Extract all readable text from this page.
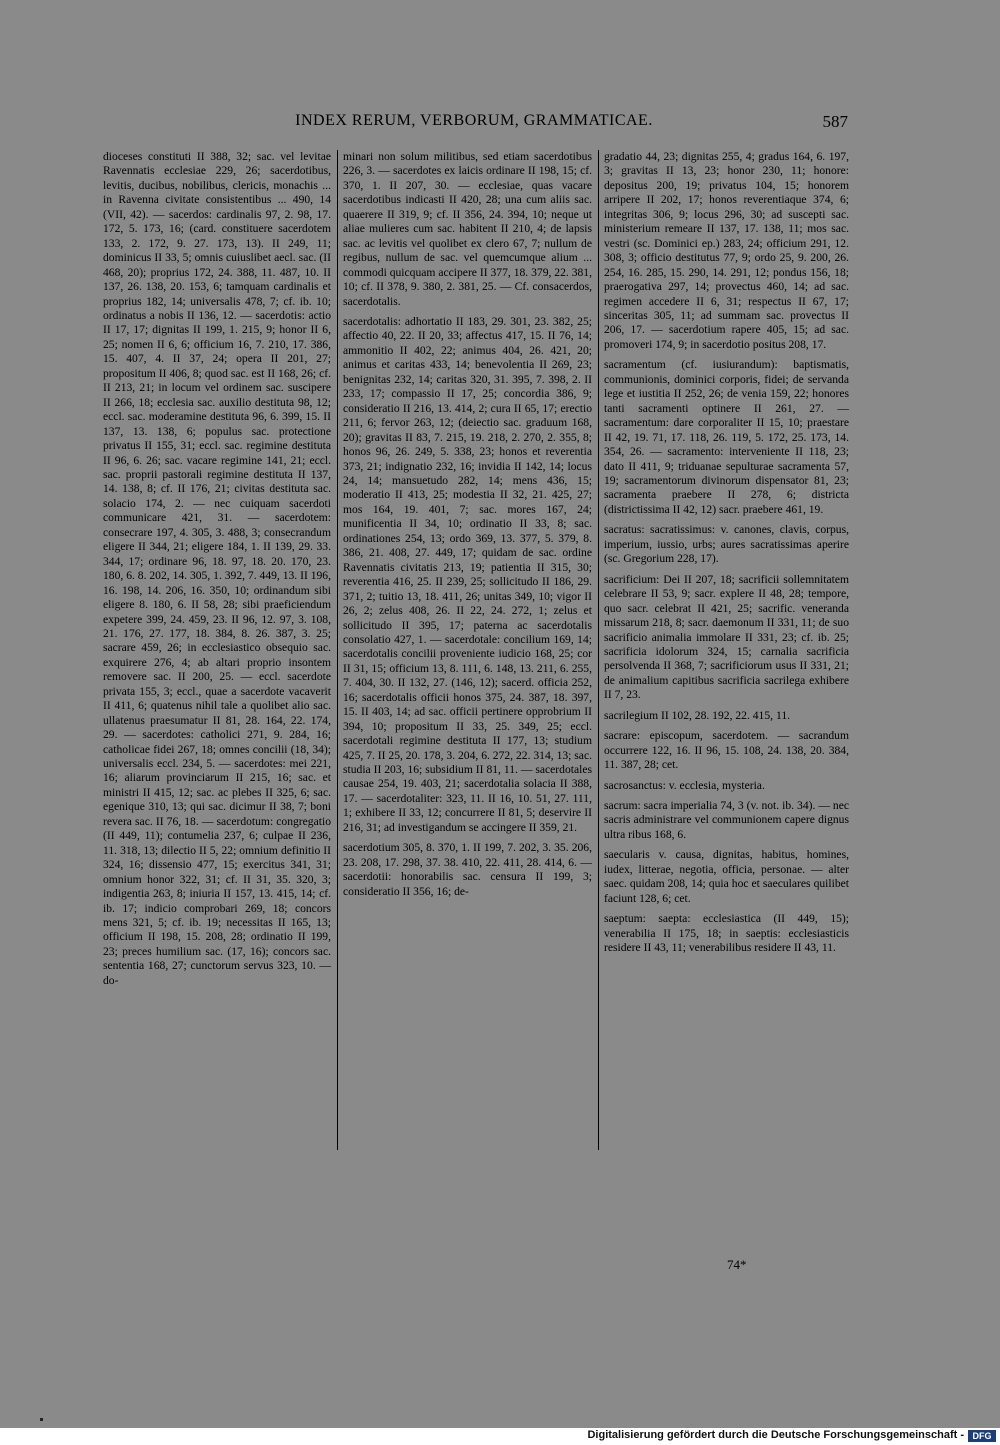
INDEX RERUM, VERBORUM, GRAMMATICAE.	587

dioceses constituti II 388, 32; sac. vel levitae Ravennatis ecclesiae 229, 26; sacerdotibus, levitis, ducibus, nobilibus, clericis, monachis ... in Ravenna civitate consistentibus ... 490, 14 (VII, 42). — sacerdos: cardinalis 97, 2. 98, 17. 172, 5. 173, 16; (card. constituere sacerdotem 133, 2. 172, 9. 27. 173, 13). II 249, 11; dominicus II 33, 5; omnis cuiuslibet aecl. sac. (II 468, 20); proprius 172, 24. 388, 11. 487, 10. II 137, 26. 138, 20. 153, 6; tamquam cardinalis et proprius 182, 14; universalis 478, 7; cf. ib. 10; ordinatus a nobis II 136, 12. — sacerdotis: actio II 17, 17; dignitas II 199, 1. 215, 9; honor II 6, 25; nomen II 6, 6; officium 16, 7. 210, 17. 386, 15. 407, 4. II 37, 24; opera II 201, 27; propositum II 406, 8; quod sac. est II 168, 26; cf. II 213, 21; in locum vel ordinem sac. suscipere II 266, 18; ecclesia sac. auxilio destituta 98, 12; eccl. sac. moderamine destituta 96, 6. 399, 15. II 137, 13. 138, 6; populus sac. protectione privatus II 155, 31; eccl. sac. regimine destituta II 96, 6. 26; sac. vacare regimine 141, 21; eccl. sac. proprii pastorali regimine destituta II 137, 14. 138, 8; cf. II 176, 21; civitas destituta sac. solacio 174, 2. — nec cuiquam sacerdoti communicare 421, 31. — sacerdotem: consecrare 197, 4. 305, 3. 488, 3; consecrandum eligere II 344, 21; eligere 184, 1. II 139, 29. 33. 344, 17; ordinare 96, 18. 97, 18. 20. 170, 23. 180, 6. 8. 202, 14. 305, 1. 392, 7. 449, 13. II 196, 16. 198, 14. 206, 16. 350, 10; ordinandum sibi eligere 8. 180, 6. II 58, 28; sibi praeficiendum expetere 399, 24. 459, 23. II 96, 12. 97, 3. 108, 21. 176, 27. 177, 18. 384, 8. 26. 387, 3. 25; sacrare 459, 26; in ecclesiastico obsequio sac. exquirere 276, 4; ab altari proprio insontem removere sac. II 200, 25. — eccl. sacerdote privata 155, 3; eccl., quae a sacerdote vacaverit II 411, 6; quatenus nihil tale a quolibet alio sac. ullatenus praesumatur II 81, 28. 164, 22. 174, 29. — sacerdotes: catholici 271, 9. 284, 16; catholicae fidei 267, 18; omnes concilii (18, 34); universalis eccl. 234, 5. — sacerdotes: mei 221, 16; aliarum provinciarum II 215, 16; sac. et ministri II 415, 12; sac. ac plebes II 325, 6; sac. egenique 310, 13; qui sac. dicimur II 38, 7; boni revera sac. II 76, 18. — sacerdotum: congregatio (II 449, 11); contumelia 237, 6; culpae II 236, 11. 318, 13; dilectio II 5, 22; omnium definitio II 324, 16; dissensio 477, 15; exercitus 341, 31; omnium honor 322, 31; cf. II 31, 35. 320, 3; indigentia 263, 8; iniuria II 157, 13. 415, 14; cf. ib. 17; indicio comprobari 269, 18; concors mens 321, 5; cf. ib. 19; necessitas II 165, 13; officium II 198, 15. 208, 28; ordinatio II 199, 23; preces humilium sac. (17, 16); concors sac. sententia 168, 27; cunctorum servus 323, 10. — do-

minari non solum militibus, sed etiam sacerdotibus 226, 3. — sacerdotes ex laicis ordinare II 198, 15; cf. 370, 1. II 207, 30. — ecclesiae, quas vacare sacerdotibus indicasti II 420, 28; una cum aliis sac. quaerere II 319, 9; cf. II 356, 24. 394, 10; neque ut aliae mulieres cum sac. habitent II 210, 4; de lapsis sac. ac levitis vel quolibet ex clero 67, 7; nullum de regibus, nullum de sac. vel quemcumque alium ... commodi quicquam accipere II 377, 18. 379, 22. 381, 10; cf. II 378, 9. 380, 2. 381, 25. — Cf. consacerdos, sacerdotalis.

sacerdotalis: adhortatio II 183, 29. 301, 23. 382, 25; affectio 40, 22. II 20, 33; affectus 417, 15. II 76, 14; ammonitio II 402, 22; animus 404, 26. 421, 20; animus et caritas 433, 14; benevolentia II 269, 23; benignitas 232, 14; caritas 320, 31. 395, 7. 398, 2. II 233, 17; compassio II 17, 25; concordia 386, 9; consideratio II 216, 13. 414, 2; cura II 65, 17; erectio 211, 6; fervor 263, 12; (deiectio sac. graduum 168, 20); gravitas II 83, 7. 215, 19. 218, 2. 270, 2. 355, 8; honos 96, 26. 249, 5. 338, 23; honos et reverentia 373, 21; indignatio 232, 16; invidia II 142, 14; locus 24, 14; mansuetudo 282, 14; mens 436, 15; moderatio II 413, 25; modestia II 32, 21. 425, 27; mos 164, 19. 401, 7; sac. mores 167, 24; munificentia II 34, 10; ordinatio II 33, 8; sac. ordinationes 254, 13; ordo 369, 13. 377, 5. 379, 8. 386, 21. 408, 27. 449, 17; quidam de sac. ordine Ravennatis civitatis 213, 19; patientia II 315, 30; reverentia 416, 25. II 239, 25; sollicitudo II 186, 29. 371, 2; tuitio 13, 18. 411, 26; unitas 349, 10; vigor II 26, 2; zelus 408, 26. II 22, 24. 272, 1; zelus et sollicitudo II 395, 17; paterna ac sacerdotalis consolatio 427, 1. — sacerdotale: concilium 169, 14; sacerdotalis concilii proveniente iudicio 168, 25; cor II 31, 15; officium 13, 8. 111, 6. 148, 13. 211, 6. 255, 7. 404, 30. II 132, 27. (146, 12); sacerd. officia 252, 16; sacerdotalis officii honos 375, 24. 387, 18. 397, 15. II 403, 14; ad sac. officii pertinere opprobrium II 394, 10; propositum II 33, 25. 349, 25; eccl. sacerdotali regimine destituta II 177, 13; studium 425, 7. II 25, 20. 178, 3. 204, 6. 272, 22. 314, 13; sac. studia II 203, 16; subsidium II 81, 11. — sacerdotales causae 254, 19. 403, 21; sacerdotalia solacia II 388, 17. — sacerdotaliter: 323, 11. II 16, 10. 51, 27. 111, 1; exhibere II 33, 12; concurrere II 81, 5; deservire II 216, 31; ad investigandum se accingere II 359, 21.

sacerdotium 305, 8. 370, 1. II 199, 7. 202, 3. 35. 206, 23. 208, 17. 298, 37. 38. 410, 22. 411, 28. 414, 6. — sacerdotii: honorabilis sac. censura II 199, 3; consideratio II 356, 16; de-

gradatio 44, 23; dignitas 255, 4; gradus 164, 6. 197, 3; gravitas II 13, 23; honor 230, 11; honore: depositus 200, 19; privatus 104, 15; honorem arripere II 202, 17; honos reverentiaque 374, 6; integritas 306, 9; locus 296, 30; ad suscepti sac. ministerium remeare II 137, 17. 138, 11; mos sac. vestri (sc. Dominici ep.) 283, 24; officium 291, 12. 308, 3; officio destitutus 77, 9; ordo 25, 9. 200, 26. 254, 16. 285, 15. 290, 14. 291, 12; pondus 156, 18; praerogativa 297, 14; provectus 460, 14; ad sac. regimen accedere II 6, 31; respectus II 67, 17; sinceritas 305, 11; ad summam sac. provectus II 206, 17. — sacerdotium rapere 405, 15; ad sac. promoveri 174, 9; in sacerdotio positus 208, 17.

sacramentum (cf. iusiurandum): baptismatis, communionis, dominici corporis, fidei; de servanda lege et iustitia II 252, 26; de venia 159, 22; honores tanti sacramenti optinere II 261, 27. — sacramentum: dare corporaliter II 15, 10; praestare II 42, 19. 71, 17. 118, 26. 119, 5. 172, 25. 173, 14. 354, 26. — sacramento: interveniente II 118, 23; dato II 411, 9; triduanae sepulturae sacramenta 57, 19; sacramentorum divinorum dispensator 81, 23; sacramenta praebere II 278, 6; districta (districtissima II 42, 12) sacr. praebere 461, 19.

sacratus: sacratissimus: v. canones, clavis, corpus, imperium, iussio, urbs; aures sacratissimas aperire (sc. Gregorium 228, 17).

sacrificium: Dei II 207, 18; sacrificii sollemnitatem celebrare II 53, 9; sacr. explere II 48, 28; tempore, quo sacr. celebrat II 421, 25; sacrific. veneranda missarum 218, 8; sacr. daemonum II 331, 11; de suo sacrificio animalia immolare II 331, 23; cf. ib. 25; sacrificia idolorum 324, 15; carnalia sacrificia persolvenda II 368, 7; sacrificiorum usus II 331, 21; de animalium capitibus sacrificia sacrilega exhibere II 7, 23.

sacrilegium II 102, 28. 192, 22. 415, 11.

sacrare: episcopum, sacerdotem. — sacrandum occurrere 122, 16. II 96, 15. 108, 24. 138, 20. 384, 11. 387, 28; cet.

sacrosanctus: v. ecclesia, mysteria.

sacrum: sacra imperialia 74, 3 (v. not. ib. 34). — nec sacris administrare vel communionem capere dignus ultra ribus 168, 6.

saecularis v. causa, dignitas, habitus, homines, iudex, litterae, negotia, officia, personae. — alter saec. quidam 208, 14; quia hoc et saeculares quilibet faciunt 128, 6; cet.

saeptum: saepta: ecclesiastica (II 449, 15); venerabilia II 175, 18; in saeptis: ecclesiasticis residere II 43, 11; venerabilibus residere II 43, 11.

74*
Digitalisierung gefördert durch die Deutsche Forschungsgemeinschaft - DFG
